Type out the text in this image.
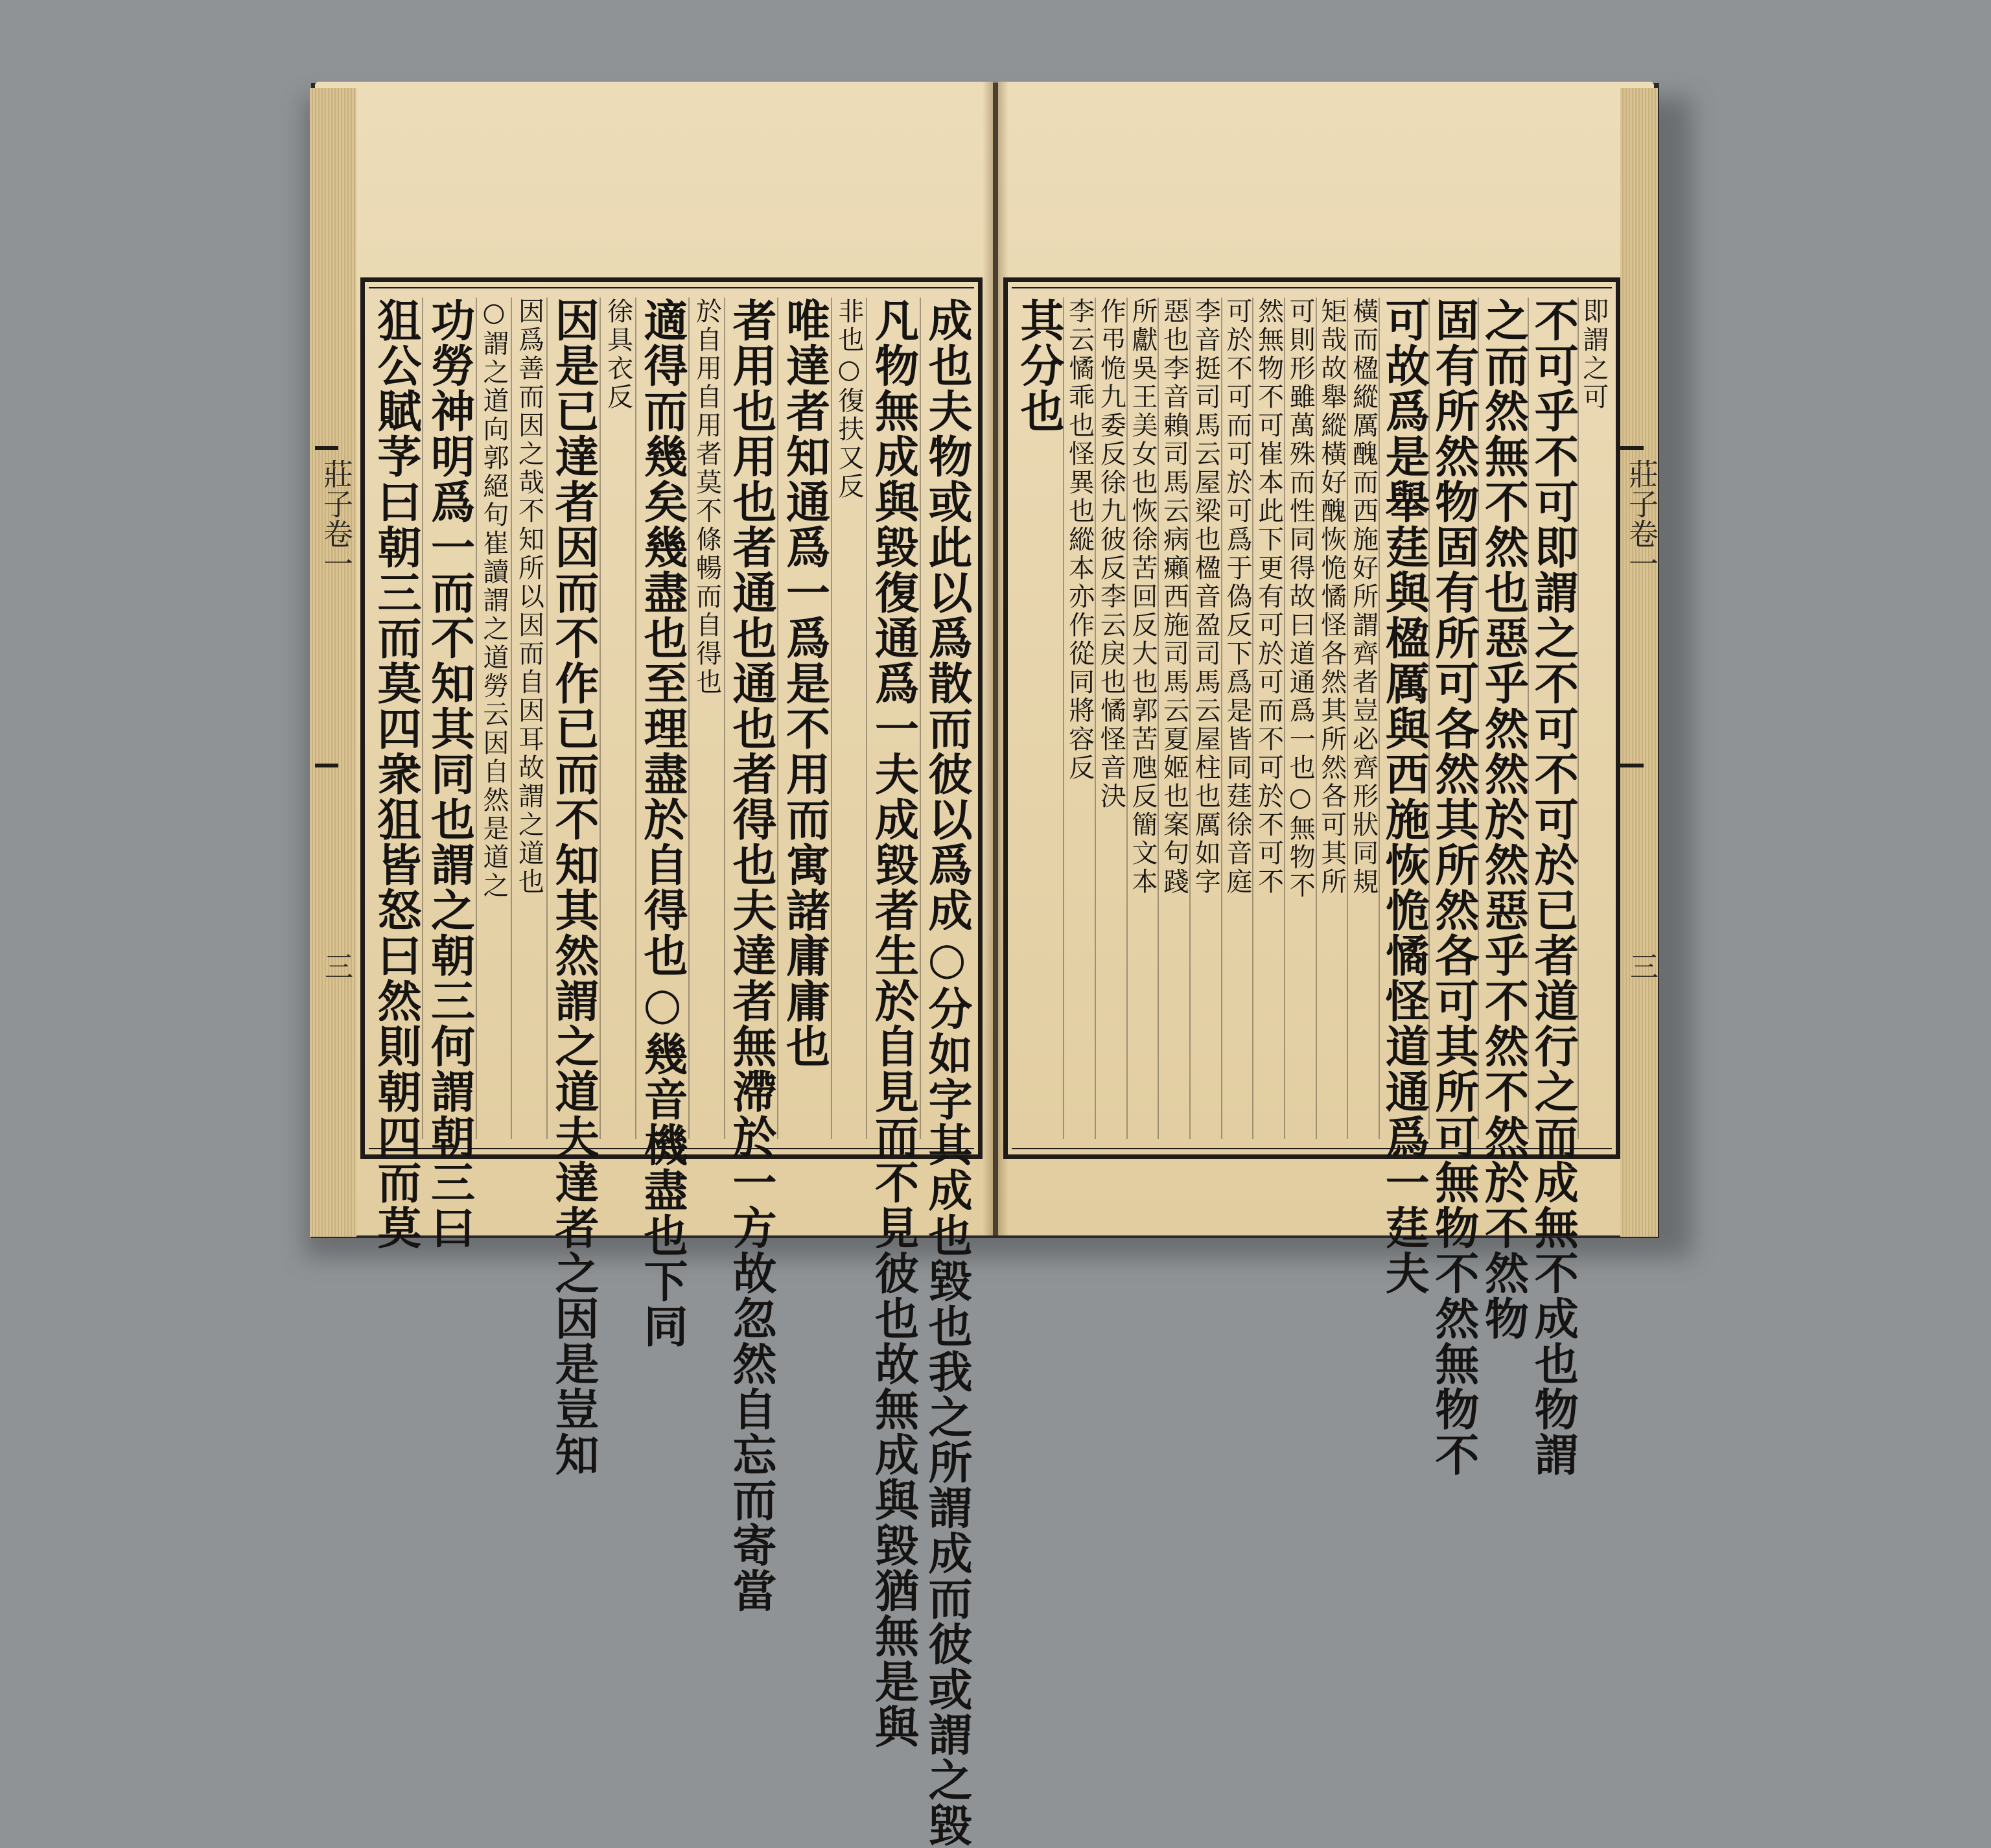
莊子卷一
三
莊子卷一
三
成也夫物或此以爲散而彼以爲成○分如字其成也毀也我之所謂成而彼或謂之毀
凡物無成與毀復通爲一夫成毀者生於自見而不見彼也故無成與毀猶無是與
非也○復扶又反
唯達者知通爲一爲是不用而寓諸庸庸也
者用也用也者通也通也者得也夫達者無滯於一方故忽然自忘而寄當
於自用自用者莫不條暢而自得也
適得而幾矣幾盡也至理盡於自得也○幾音機盡也下同
徐具衣反
因是已達者因而不作已而不知其然謂之道夫達者之因是豈知
因爲善而因之哉不知所以因而自因耳故謂之道也
○謂之道向郭絕句崔讀謂之道勞云因自然是道之
功勞神明爲一而不知其同也謂之朝三何謂朝三曰
狙公賦芧曰朝三而莫四衆狙皆怒曰然則朝四而莫	即謂之可
不可乎不可即謂之不可不可於已者道行之而成無不成也物謂
之而然無不然也惡乎然然於然惡乎不然不然於不然物
固有所然物固有所可各然其所然各可其所可無物不然無物不
可故爲是舉莛與楹厲與西施恢恑憰怪道通爲一莛夫
橫而楹縱厲醜而西施好所謂齊者豈必齊形狀同規
矩哉故舉縱橫好醜恢恑憰怪各然其所然各可其所
可則形雖萬殊而性同得故曰道通爲一也○無物不
然無物不可崔本此下更有可於可而不可於不可不
可於不可而可於可爲于偽反下爲是皆同莛徐音庭
李音挺司馬云屋梁也楹音盈司馬云屋柱也厲如字
惡也李音賴司馬云病癩西施司馬云夏姬也案句踐
所獻吳王美女也恢徐苦回反大也郭苦虺反簡文本
作弔恑九委反徐九彼反李云戾也憰怪音決
李云憰乖也怪異也縱本亦作從同將容反
其分也
